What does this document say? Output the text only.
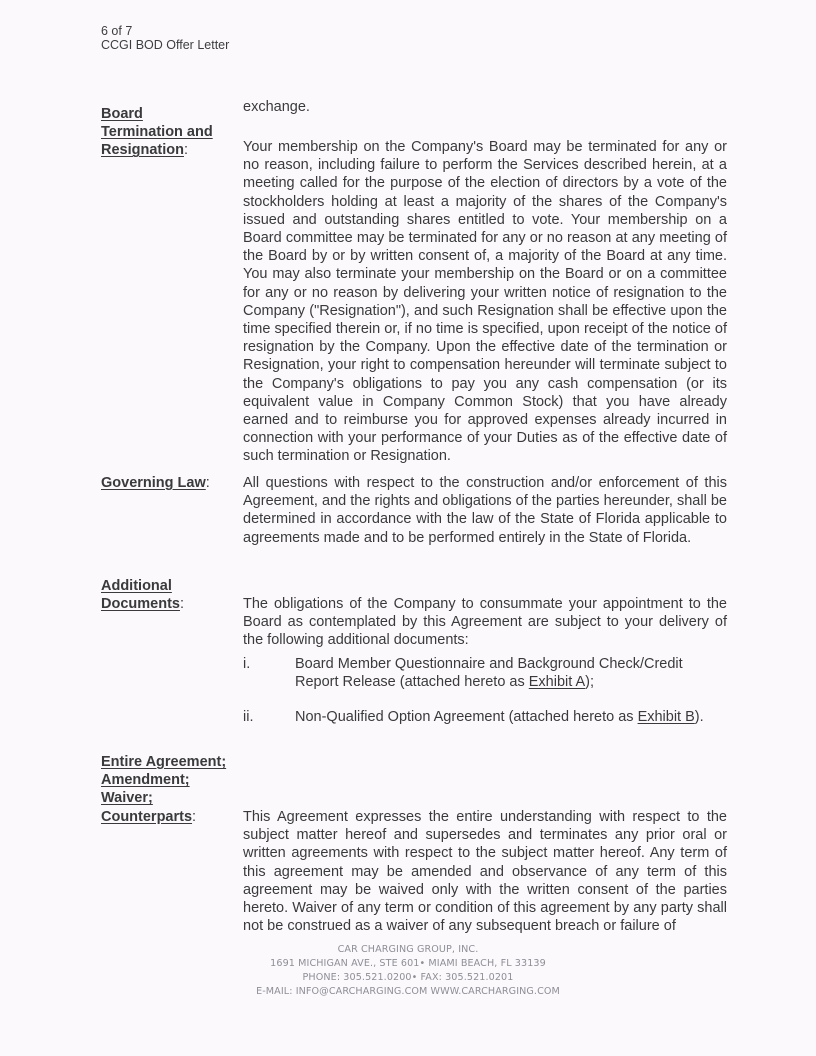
6 of 7
CCGI BOD Offer Letter

exchange.

Board
Termination and
Resignation:	Your membership on the Company's Board may be terminated for any or no reason, including failure to perform the Services described herein, at a meeting called for the purpose of the election of directors by a vote of the stockholders holding at least a majority of the shares of the Company's issued and outstanding shares entitled to vote. Your membership on a Board committee may be terminated for any or no reason at any meeting of the Board by or by written consent of, a majority of the Board at any time. You may also terminate your membership on the Board or on a committee for any or no reason by delivering your written notice of resignation to the Company ("Resignation"), and such Resignation shall be effective upon the time specified therein or, if no time is specified, upon receipt of the notice of resignation by the Company. Upon the effective date of the termination or Resignation, your right to compensation hereunder will terminate subject to the Company's obligations to pay you any cash compensation (or its equivalent value in Company Common Stock) that you have already earned and to reimburse you for approved expenses already incurred in connection with your performance of your Duties as of the effective date of such termination or Resignation.

Governing Law:	All questions with respect to the construction and/or enforcement of this Agreement, and the rights and obligations of the parties hereunder, shall be determined in accordance with the law of the State of Florida applicable to agreements made and to be performed entirely in the State of Florida.

Additional
Documents:	The obligations of the Company to consummate your appointment to the Board as contemplated by this Agreement are subject to your delivery of the following additional documents:

i.	Board Member Questionnaire and Background Check/Credit
Report Release (attached hereto as Exhibit A);
ii.	Non-Qualified Option Agreement (attached hereto as Exhibit B).
Entire Agreement;
Amendment;
Waiver;
Counterparts:	This Agreement expresses the entire understanding with respect to the subject matter hereof and supersedes and terminates any prior oral or written agreements with respect to the subject matter hereof. Any term of this agreement may be amended and observance of any term of this agreement may be waived only with the written consent of the parties hereto. Waiver of any term or condition of this agreement by any party shall not be construed as a waiver of any subsequent breach or failure of

CAR CHARGING GROUP, INC.
1691 MICHIGAN AVE., STE 601• MIAMI BEACH, FL 33139
PHONE: 305.521.0200• FAX: 305.521.0201
E-MAIL: INFO@CARCHARGING.COM WWW.CARCHARGING.COM
